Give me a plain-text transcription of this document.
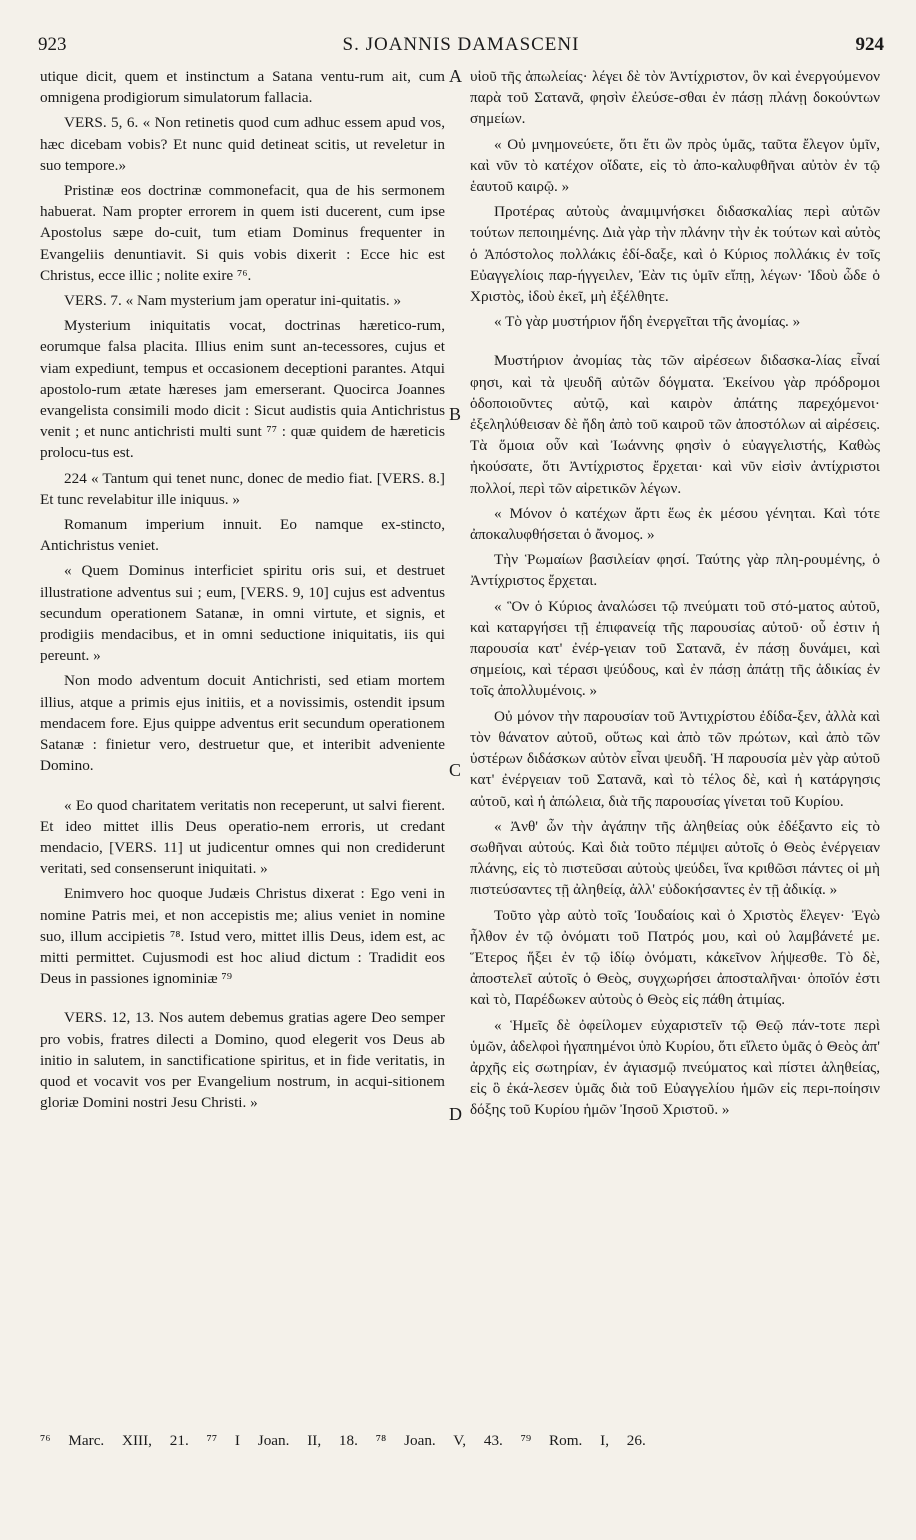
923	S. JOANNIS DAMASCENI	924
A
B
C
D

utique dicit, quem et instinctum a Satana ventu-rum ait, cum omnigena prodigiorum simulatorum fallacia.

VERS. 5, 6. « Non retinetis quod cum adhuc essem apud vos, hæc dicebam vobis? Et nunc quid detineat scitis, ut reveletur in suo tempore.»

Pristinæ eos doctrinæ commonefacit, qua de his sermonem habuerat. Nam propter errorem in quem isti ducerent, cum ipse Apostolus sæpe do-cuit, tum etiam Dominus frequenter in Evangeliis denuntiavit. Si quis vobis dixerit : Ecce hic est Christus, ecce illic ; nolite exire ⁷⁶.

VERS. 7. « Nam mysterium jam operatur ini-quitatis. »

Mysterium iniquitatis vocat, doctrinas hæretico-rum, eorumque falsa placita. Illius enim sunt an-tecessores, cujus et viam expediunt, tempus et occasionem deceptioni parantes. Atqui apostolo-rum ætate hæreses jam emerserant. Quocirca Joannes evangelista consimili modo dicit : Sicut audistis quia Antichristus venit ; et nunc antichristi multi sunt ⁷⁷ : quæ quidem de hæreticis prolocu-tus est.

224 « Tantum qui tenet nunc, donec de medio fiat. [VERS. 8.] Et tunc revelabitur ille iniquus. »

Romanum imperium innuit. Eo namque ex-stincto, Antichristus veniet.

« Quem Dominus interficiet spiritu oris sui, et destruet illustratione adventus sui ; eum, [VERS. 9, 10] cujus est adventus secundum operationem Satanæ, in omni virtute, et signis, et prodigiis mendacibus, et in omni seductione iniquitatis, iis qui pereunt. »

Non modo adventum docuit Antichristi, sed etiam mortem illius, atque a primis ejus initiis, et a novissimis, ostendit ipsum mendacem fore. Ejus quippe adventus erit secundum operationem Satanæ : finietur vero, destruetur que, et interibit adveniente Domino.

« Eo quod charitatem veritatis non receperunt, ut salvi fierent. Et ideo mittet illis Deus operatio-nem erroris, ut credant mendacio, [VERS. 11] ut judicentur omnes qui non crediderunt veritati, sed consenserunt iniquitati. »

Enimvero hoc quoque Judæis Christus dixerat : Ego veni in nomine Patris mei, et non accepistis me; alius veniet in nomine suo, illum accipietis ⁷⁸. Istud vero, mittet illis Deus, idem est, ac mitti permittet. Cujusmodi est hoc aliud dictum : Tradidit eos Deus in passiones ignominiæ ⁷⁹

VERS. 12, 13. Nos autem debemus gratias agere Deo semper pro vobis, fratres dilecti a Domino, quod elegerit vos Deus ab initio in salutem, in sanctificatione spiritus, et in fide veritatis, in quod et vocavit vos per Evangelium nostrum, in acqui-sitionem gloriæ Domini nostri Jesu Christi. »

υἱοῦ τῆς ἀπωλείας· λέγει δὲ τὸν Ἀντίχριστον, ὃν καὶ ἐνεργούμενον παρὰ τοῦ Σατανᾶ, φησὶν ἐλεύσε-σθαι ἐν πάσῃ πλάνῃ δοκούντων σημείων.

« Οὐ μνημονεύετε, ὅτι ἔτι ὢν πρὸς ὑμᾶς, ταῦτα ἔλεγον ὑμῖν, καὶ νῦν τὸ κατέχον οἴδατε, εἰς τὸ ἀπο-καλυφθῆναι αὐτὸν ἐν τῷ ἑαυτοῦ καιρῷ. »

Προτέρας αὐτοὺς ἀναμιμνήσκει διδασκαλίας περὶ αὐτῶν τούτων πεποιημένης. Διὰ γὰρ τὴν πλάνην τὴν ἐκ τούτων καὶ αὐτὸς ὁ Ἀπόστολος πολλάκις ἐδί-δαξε, καὶ ὁ Κύριος πολλάκις ἐν τοῖς Εὐαγγελίοις παρ-ήγγειλεν, Ἐὰν τις ὑμῖν εἴπῃ, λέγων· Ἰδοὺ ὧδε ὁ Χριστὸς, ἰδοὺ ἐκεῖ, μὴ ἐξέλθητε.

« Τὸ γὰρ μυστήριον ἤδη ἐνεργεῖται τῆς ἀνομίας. »

Μυστήριον ἀνομίας τὰς τῶν αἱρέσεων διδασκα-λίας εἶναί φησι, καὶ τὰ ψευδῆ αὐτῶν δόγματα. Ἐκείνου γὰρ πρόδρομοι ὁδοποιοῦντες αὐτῷ, καὶ καιρὸν ἀπάτης παρεχόμενοι· ἐξεληλύθεισαν δὲ ἤδη ἀπὸ τοῦ καιροῦ τῶν ἀποστόλων αἱ αἱρέσεις. Τὰ ὅμοια οὖν καὶ Ἰωάννης φησὶν ὁ εὐαγγελιστής, Καθὼς ἠκούσατε, ὅτι Ἀντίχριστος ἔρχεται· καὶ νῦν εἰσὶν ἀντίχριστοι πολλοί, περὶ τῶν αἱρετικῶν λέγων.

« Μόνον ὁ κατέχων ἄρτι ἕως ἐκ μέσου γένηται. Καὶ τότε ἀποκαλυφθήσεται ὁ ἄνομος. »

Τὴν Ῥωμαίων βασιλείαν φησί. Ταύτης γὰρ πλη-ρουμένης, ὁ Ἀντίχριστος ἔρχεται.

« Ὃν ὁ Κύριος ἀναλώσει τῷ πνεύματι τοῦ στό-ματος αὐτοῦ, καὶ καταργήσει τῇ ἐπιφανείᾳ τῆς παρουσίας αὐτοῦ· οὗ ἐστιν ἡ παρουσία κατ' ἐνέρ-γειαν τοῦ Σατανᾶ, ἐν πάσῃ δυνάμει, καὶ σημείοις, καὶ τέρασι ψεύδους, καὶ ἐν πάσῃ ἀπάτῃ τῆς ἀδικίας ἐν τοῖς ἀπολλυμένοις. »

Οὐ μόνον τὴν παρουσίαν τοῦ Ἀντιχρίστου ἐδίδα-ξεν, ἀλλὰ καὶ τὸν θάνατον αὐτοῦ, οὕτως καὶ ἀπὸ τῶν πρώτων, καὶ ἀπὸ τῶν ὑστέρων διδάσκων αὐτὸν εἶναι ψευδῆ. Ἡ παρουσία μὲν γὰρ αὐτοῦ κατ' ἐνέργειαν τοῦ Σατανᾶ, καὶ τὸ τέλος δὲ, καὶ ἡ κατάργησις αὐτοῦ, καὶ ἡ ἀπώλεια, διὰ τῆς παρουσίας γίνεται τοῦ Κυρίου.

« Ἀνθ' ὧν τὴν ἀγάπην τῆς ἀληθείας οὐκ ἐδέξαντο εἰς τὸ σωθῆναι αὐτούς. Καὶ διὰ τοῦτο πέμψει αὐτοῖς ὁ Θεὸς ἐνέργειαν πλάνης, εἰς τὸ πιστεῦσαι αὐτοὺς ψεύδει, ἵνα κριθῶσι πάντες οἱ μὴ πιστεύσαντες τῇ ἀληθείᾳ, ἀλλ' εὐδοκήσαντες ἐν τῇ ἀδικίᾳ. »

Τοῦτο γὰρ αὐτὸ τοῖς Ἰουδαίοις καὶ ὁ Χριστὸς ἔλεγεν· Ἐγὼ ἦλθον ἐν τῷ ὀνόματι τοῦ Πατρός μου, καὶ οὐ λαμβάνετέ με. Ἕτερος ἥξει ἐν τῷ ἰδίῳ ὀνόματι, κἀκεῖνον λήψεσθε. Τὸ δὲ, ἀποστελεῖ αὐτοῖς ὁ Θεὸς, συγχωρήσει ἀποσταλῆναι· ὁποῖόν ἐστι καὶ τὸ, Παρέδωκεν αὐτοὺς ὁ Θεὸς εἰς πάθη ἀτιμίας.

« Ἡμεῖς δὲ ὀφείλομεν εὐχαριστεῖν τῷ Θεῷ πάν-τοτε περὶ ὑμῶν, ἀδελφοὶ ἠγαπημένοι ὑπὸ Κυρίου, ὅτι εἵλετο ὑμᾶς ὁ Θεὸς ἀπ' ἀρχῆς εἰς σωτηρίαν, ἐν ἁγιασμῷ πνεύματος καὶ πίστει ἀληθείας, εἰς ὃ ἐκά-λεσεν ὑμᾶς διὰ τοῦ Εὐαγγελίου ἡμῶν εἰς περι-ποίησιν δόξης τοῦ Κυρίου ἡμῶν Ἰησοῦ Χριστοῦ. »

⁷⁶ Marc. XIII, 21. ⁷⁷ I Joan. II, 18. ⁷⁸ Joan. V, 43. ⁷⁹ Rom. I, 26.
